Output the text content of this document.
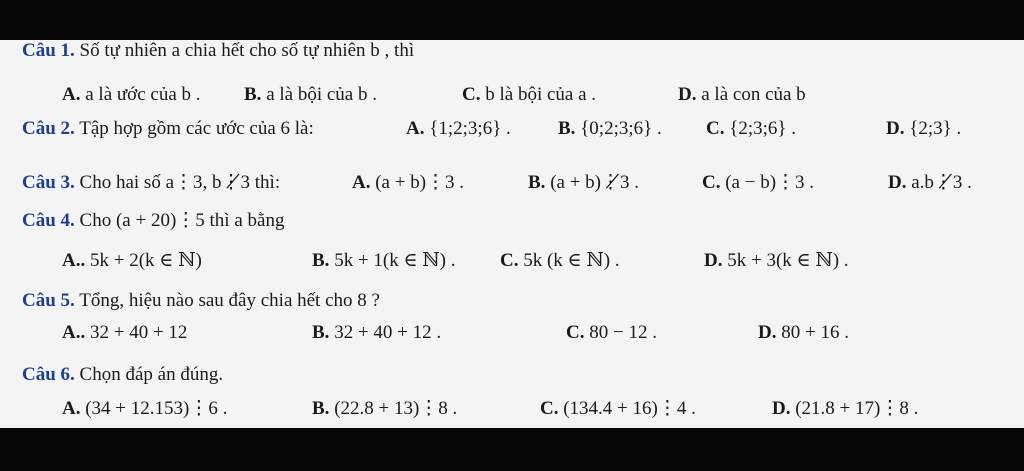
Câu 1. Số tự nhiên a chia hết cho số tự nhiên b , thì
A. a là ước của b . B. a là bội của b .	C. b là bội của a .	D. a là con của b
Câu 2. Tập hợp gồm các ước của 6 là:	A. {1;2;3;6} . B. {0;2;3;6} . C. {2;3;6} .	D. {2;3} .
Câu 3. Cho hai số a⋮3, b⋮̸3 thì:	A. (a + b)⋮3 .	B. (a + b)⋮̸3 .	C. (a − b)⋮3 .	D. a.b⋮̸3 .
Câu 4. Cho (a + 20)⋮5 thì a bằng
A.. 5k + 2(k ∈ ℕ)	B. 5k + 1(k ∈ ℕ) . C. 5k (k ∈ ℕ) .	D. 5k + 3(k ∈ ℕ) .
Câu 5. Tổng, hiệu nào sau đây chia hết cho 8 ?
A.. 32 + 40 + 12	B. 32 + 40 + 12 .	C. 80 − 12 .	D. 80 + 16 .
Câu 6. Chọn đáp án đúng.
A. (34 + 12.153)⋮6 .	B. (22.8 + 13)⋮8 .	C. (134.4 + 16)⋮4 .	D. (21.8 + 17)⋮8 .
